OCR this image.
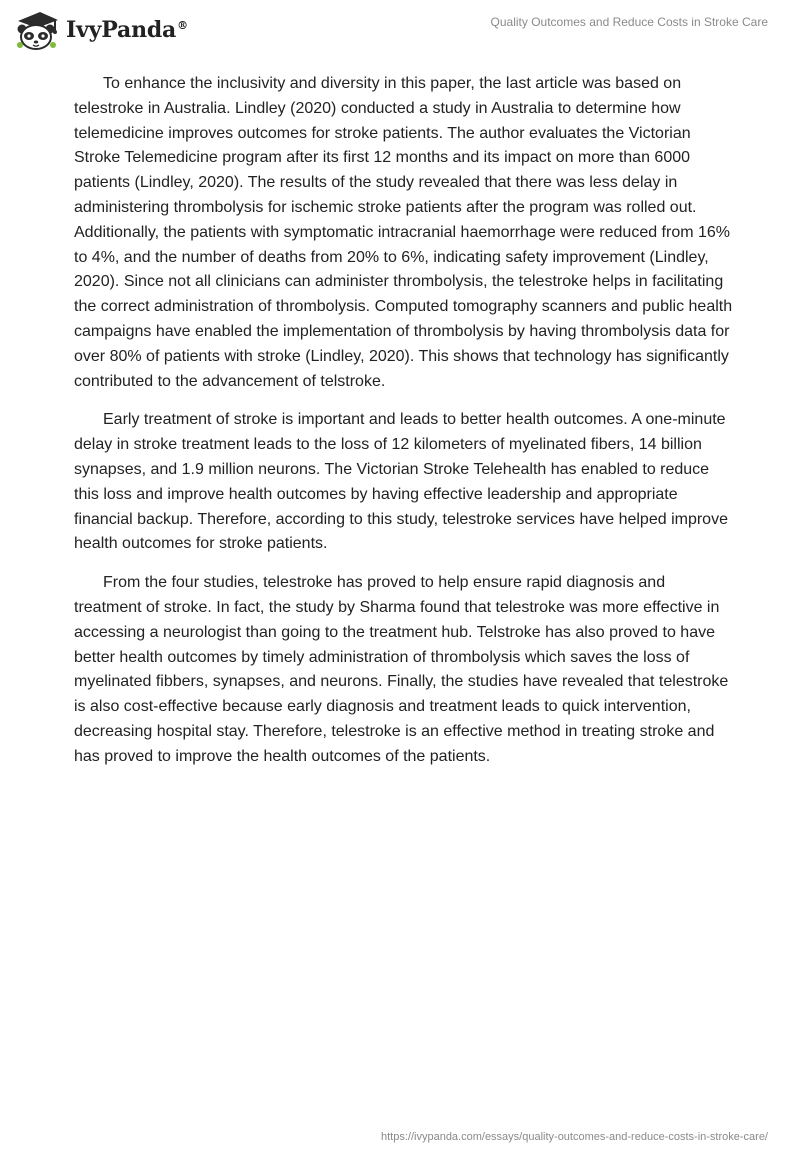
IvyPanda®	Quality Outcomes and Reduce Costs in Stroke Care

To enhance the inclusivity and diversity in this paper, the last article was based on telestroke in Australia. Lindley (2020) conducted a study in Australia to determine how telemedicine improves outcomes for stroke patients. The author evaluates the Victorian Stroke Telemedicine program after its first 12 months and its impact on more than 6000 patients (Lindley, 2020). The results of the study revealed that there was less delay in administering thrombolysis for ischemic stroke patients after the program was rolled out. Additionally, the patients with symptomatic intracranial haemorrhage were reduced from 16% to 4%, and the number of deaths from 20% to 6%, indicating safety improvement (Lindley, 2020). Since not all clinicians can administer thrombolysis, the telestroke helps in facilitating the correct administration of thrombolysis. Computed tomography scanners and public health campaigns have enabled the implementation of thrombolysis by having thrombolysis data for over 80% of patients with stroke (Lindley, 2020). This shows that technology has significantly contributed to the advancement of telstroke.

Early treatment of stroke is important and leads to better health outcomes. A one-minute delay in stroke treatment leads to the loss of 12 kilometers of myelinated fibers, 14 billion synapses, and 1.9 million neurons. The Victorian Stroke Telehealth has enabled to reduce this loss and improve health outcomes by having effective leadership and appropriate financial backup. Therefore, according to this study, telestroke services have helped improve health outcomes for stroke patients.

From the four studies, telestroke has proved to help ensure rapid diagnosis and treatment of stroke. In fact, the study by Sharma found that telestroke was more effective in accessing a neurologist than going to the treatment hub. Telstroke has also proved to have better health outcomes by timely administration of thrombolysis which saves the loss of myelinated fibbers, synapses, and neurons. Finally, the studies have revealed that telestroke is also cost-effective because early diagnosis and treatment leads to quick intervention, decreasing hospital stay. Therefore, telestroke is an effective method in treating stroke and has proved to improve the health outcomes of the patients.

https://ivypanda.com/essays/quality-outcomes-and-reduce-costs-in-stroke-care/
